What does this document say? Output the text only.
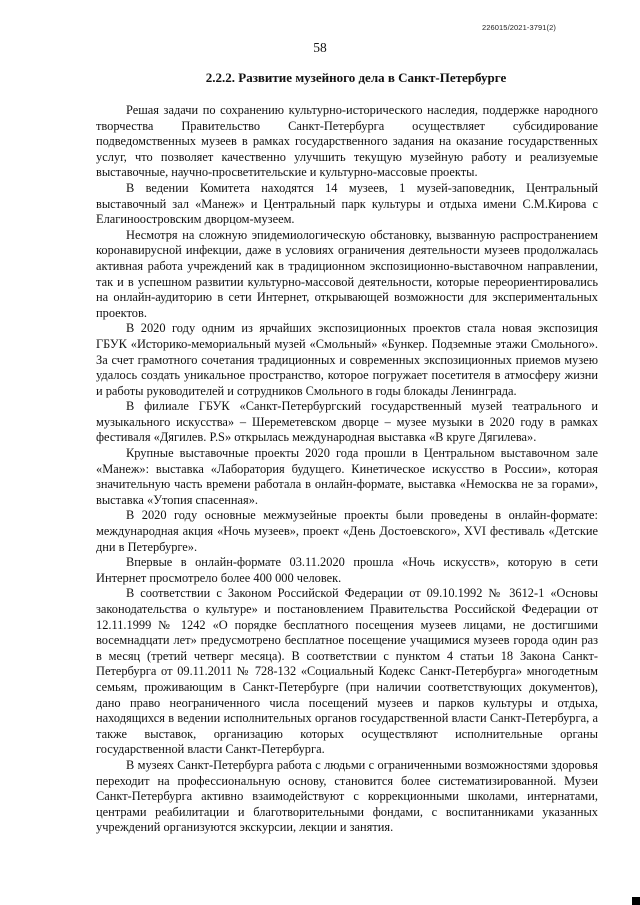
226015/2021-3791(2)
58
2.2.2. Развитие музейного дела в Санкт-Петербурге

Решая задачи по сохранению культурно-исторического наследия, поддержке народного творчества Правительство Санкт-Петербурга осуществляет субсидирование подведомственных музеев в рамках государственного задания на оказание государственных услуг, что позволяет качественно улучшить текущую музейную работу и реализуемые выставочные, научно-просветительские и культурно-массовые проекты.

В ведении Комитета находятся 14 музеев, 1 музей-заповедник, Центральный выставочный зал «Манеж» и Центральный парк культуры и отдыха имени С.М.Кирова с Елагиноостровским дворцом-музеем.

Несмотря на сложную эпидемиологическую обстановку, вызванную распространением коронавирусной инфекции, даже в условиях ограничения деятельности музеев продолжалась активная работа учреждений как в традиционном экспозиционно-выставочном направлении, так и в успешном развитии культурно-массовой деятельности, которые переориентировались на онлайн-аудиторию в сети Интернет, открывающей возможности для экспериментальных проектов.

В 2020 году одним из ярчайших экспозиционных проектов стала новая экспозиция ГБУК «Историко-мемориальный музей «Смольный» «Бункер. Подземные этажи Смольного». За счет грамотного сочетания традиционных и современных экспозиционных приемов музею удалось создать уникальное пространство, которое погружает посетителя в атмосферу жизни и работы руководителей и сотрудников Смольного в годы блокады Ленинграда.

В филиале ГБУК «Санкт-Петербургский государственный музей театрального и музыкального искусства» – Шереметевском дворце – музее музыки в 2020 году в рамках фестиваля «Дягилев. P.S» открылась международная выставка «В круге Дягилева».

Крупные выставочные проекты 2020 года прошли в Центральном выставочном зале «Манеж»: выставка «Лаборатория будущего. Кинетическое искусство в России», которая значительную часть времени работала в онлайн-формате, выставка «Немосква не за горами», выставка «Утопия спасенная».

В 2020 году основные межмузейные проекты были проведены в онлайн-формате: международная акция «Ночь музеев», проект «День Достоевского», XVI фестиваль «Детские дни в Петербурге».

Впервые в онлайн-формате 03.11.2020 прошла «Ночь искусств», которую в сети Интернет просмотрело более 400 000 человек.

В соответствии с Законом Российской Федерации от 09.10.1992 № 3612-1 «Основы законодательства о культуре» и постановлением Правительства Российской Федерации от 12.11.1999 № 1242 «О порядке бесплатного посещения музеев лицами, не достигшими восемнадцати лет» предусмотрено бесплатное посещение учащимися музеев города один раз в месяц (третий четверг месяца). В соответствии с пунктом 4 статьи 18 Закона Санкт-Петербурга от 09.11.2011 № 728-132 «Социальный Кодекс Санкт-Петербурга» многодетным семьям, проживающим в Санкт-Петербурге (при наличии соответствующих документов), дано право неограниченного числа посещений музеев и парков культуры и отдыха, находящихся в ведении исполнительных органов государственной власти Санкт-Петербурга, а также выставок, организацию которых осуществляют исполнительные органы государственной власти Санкт-Петербурга.

В музеях Санкт-Петербурга работа с людьми с ограниченными возможностями здоровья переходит на профессиональную основу, становится более систематизированной. Музеи Санкт-Петербурга активно взаимодействуют с коррекционными школами, интернатами, центрами реабилитации и благотворительными фондами, с воспитанниками указанных учреждений организуются экскурсии, лекции и занятия.
